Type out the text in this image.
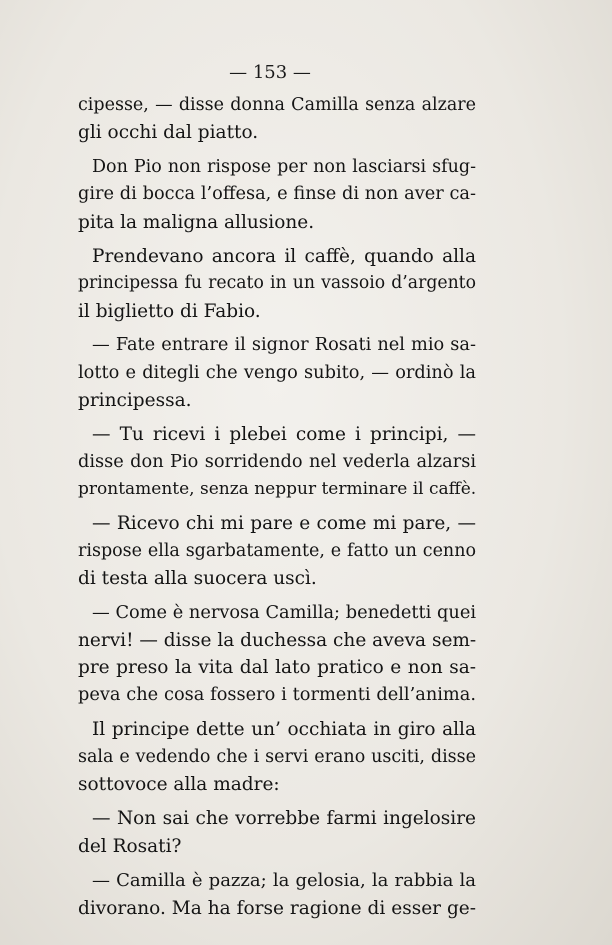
— 153 —
cipesse, — disse donna Camilla senza alzare
gli occhi dal piatto.
Don Pio non rispose per non lasciarsi sfug-
gire di bocca l’offesa, e finse di non aver ca-
pita la maligna allusione.
Prendevano ancora il caffè, quando alla
principessa fu recato in un vassoio d’argento
il biglietto di Fabio.
— Fate entrare il signor Rosati nel mio sa-
lotto e ditegli che vengo subito, — ordinò la
principessa.
— Tu ricevi i plebei come i principi, —
disse don Pio sorridendo nel vederla alzarsi
prontamente, senza neppur terminare il caffè.
— Ricevo chi mi pare e come mi pare, —
rispose ella sgarbatamente, e fatto un cenno
di testa alla suocera uscì.
— Come è nervosa Camilla; benedetti quei
nervi! — disse la duchessa che aveva sem-
pre preso la vita dal lato pratico e non sa-
peva che cosa fossero i tormenti dell’anima.
Il principe dette un’ occhiata in giro alla
sala e vedendo che i servi erano usciti, disse
sottovoce alla madre:
— Non sai che vorrebbe farmi ingelosire
del Rosati?
— Camilla è pazza; la gelosia, la rabbia la
divorano. Ma ha forse ragione di esser ge-
